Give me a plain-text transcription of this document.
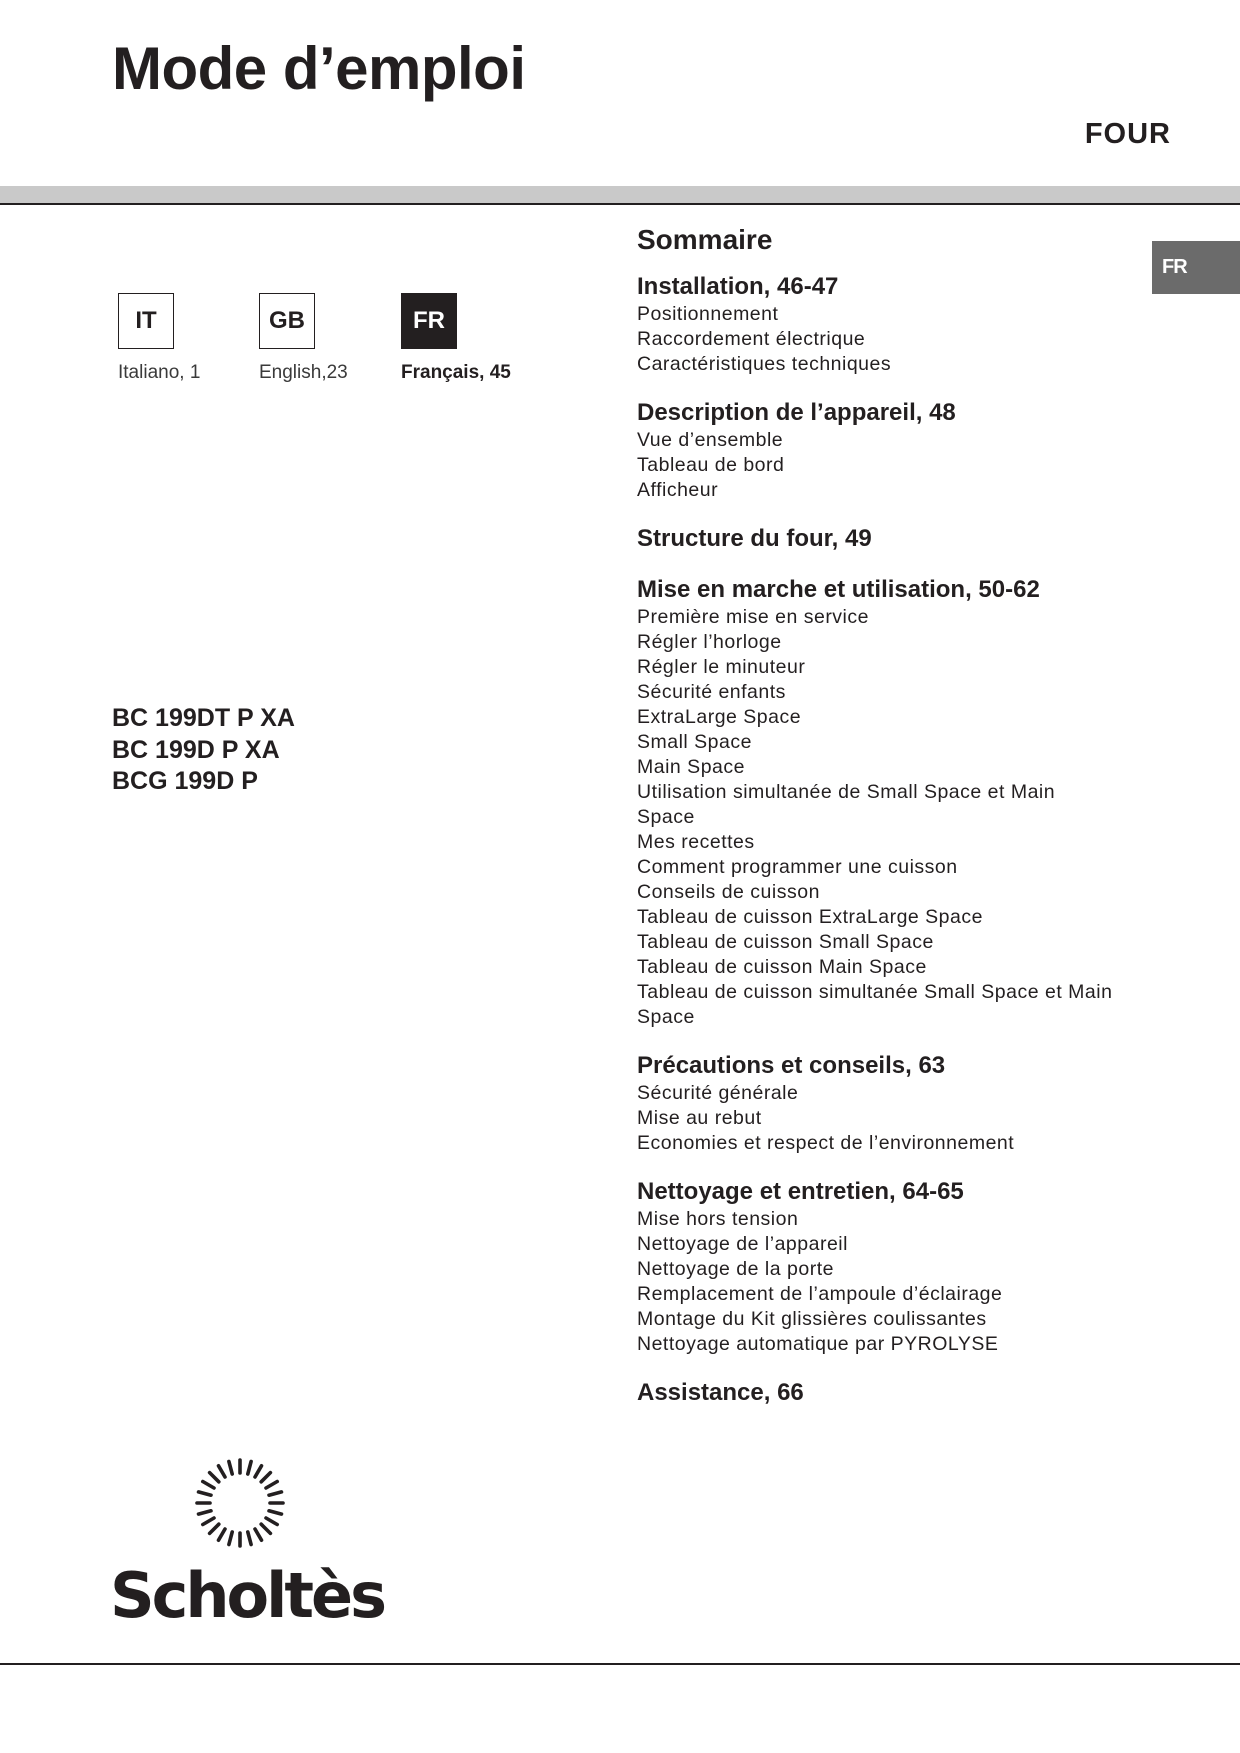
Mode d’emploi
FOUR
IT
Italiano, 1
GB
English,23
FR
Français, 45
BC 199DT P XA
BC 199D P XA
BCG 199D P
FR
Sommaire
Installation, 46-47
Positionnement
Raccordement électrique
Caractéristiques techniques
Description de l’appareil, 48
Vue d’ensemble
Tableau de bord
Afficheur
Structure du four, 49
Mise en marche et utilisation, 50-62
Première mise en service
Régler l’horloge
Régler le minuteur
Sécurité enfants
ExtraLarge Space
Small Space
Main Space
Utilisation simultanée de Small Space et Main
Space
Mes recettes
Comment programmer une cuisson
Conseils de cuisson
Tableau de cuisson ExtraLarge Space
Tableau de cuisson Small Space
Tableau de cuisson Main Space
Tableau de cuisson simultanée Small Space et Main
Space
Précautions et conseils, 63
Sécurité générale
Mise au rebut
Economies et respect de l’environnement
Nettoyage et entretien, 64-65
Mise hors tension
Nettoyage de l’appareil
Nettoyage de la porte
Remplacement de l’ampoule d’éclairage
Montage du Kit glissières coulissantes
Nettoyage automatique par PYROLYSE
Assistance, 66
Scholtès
